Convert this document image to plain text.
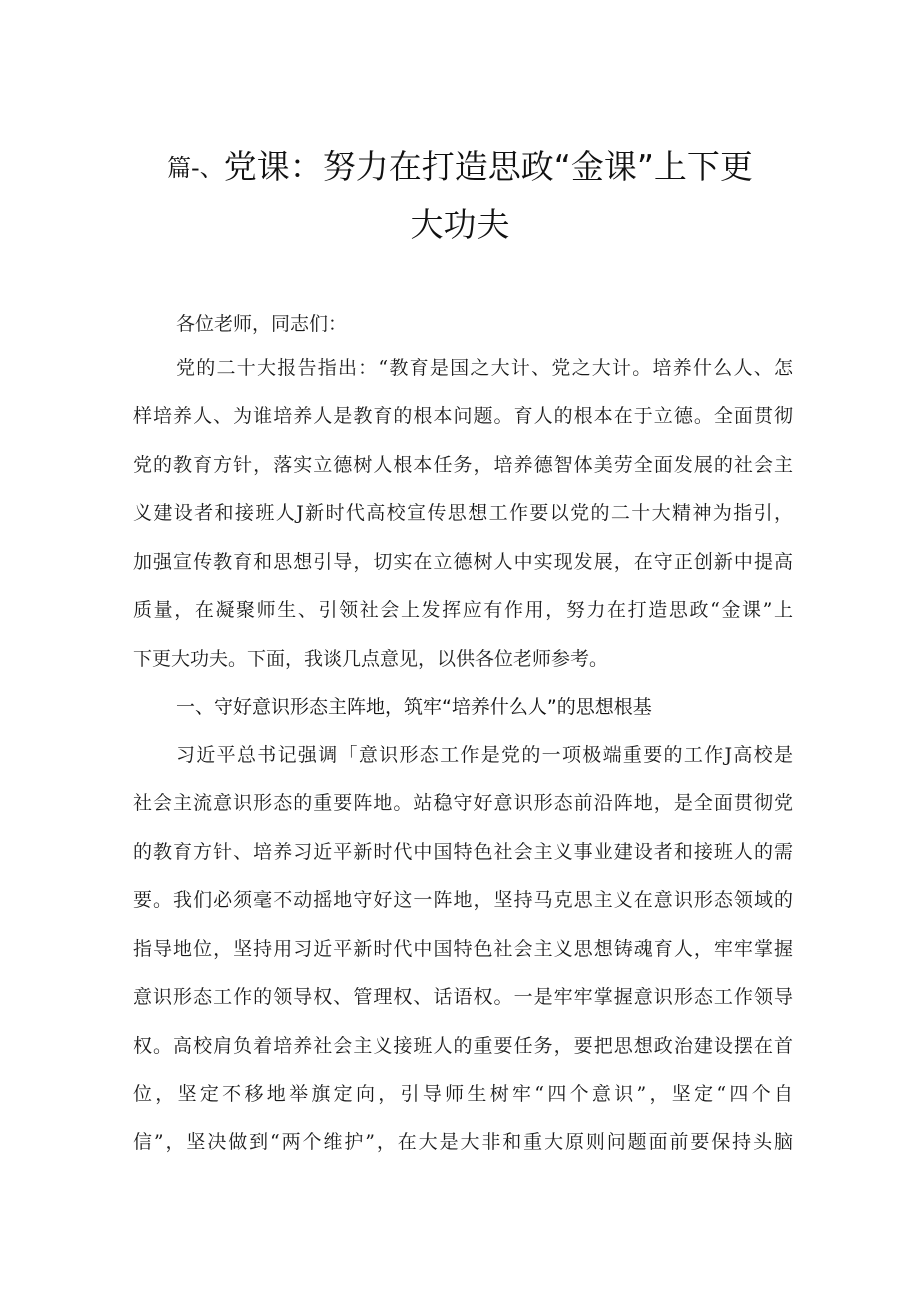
篇-、党课：努力在打造思政“金课”上下更
大功夫
各位老师，同志们：
党的二十大报告指出：“教育是国之大计、党之大计。培养什么人、怎
样培养人、为谁培养人是教育的根本问题。育人的根本在于立德。全面贯彻
党的教育方针，落实立德树人根本任务，培养德智体美劳全面发展的社会主
义建设者和接班人J新时代高校宣传思想工作要以党的二十大精神为指引，
加强宣传教育和思想引导，切实在立德树人中实现发展，在守正创新中提高
质量，在凝聚师生、引领社会上发挥应有作用，努力在打造思政“金课”上
下更大功夫。下面，我谈几点意见，以供各位老师参考。
一、守好意识形态主阵地，筑牢“培养什么人”的思想根基
习近平总书记强调「意识形态工作是党的一项极端重要的工作J高校是
社会主流意识形态的重要阵地。站稳守好意识形态前沿阵地，是全面贯彻党
的教育方针、培养习近平新时代中国特色社会主义事业建设者和接班人的需
要。我们必须毫不动摇地守好这一阵地，坚持马克思主义在意识形态领域的
指导地位，坚持用习近平新时代中国特色社会主义思想铸魂育人，牢牢掌握
意识形态工作的领导权、管理权、话语权。一是牢牢掌握意识形态工作领导
权。高校肩负着培养社会主义接班人的重要任务，要把思想政治建设摆在首
位，坚定不移地举旗定向，引导师生树牢“四个意识”，坚定“四个自
信”，坚决做到“两个维护”，在大是大非和重大原则问题面前要保持头脑
